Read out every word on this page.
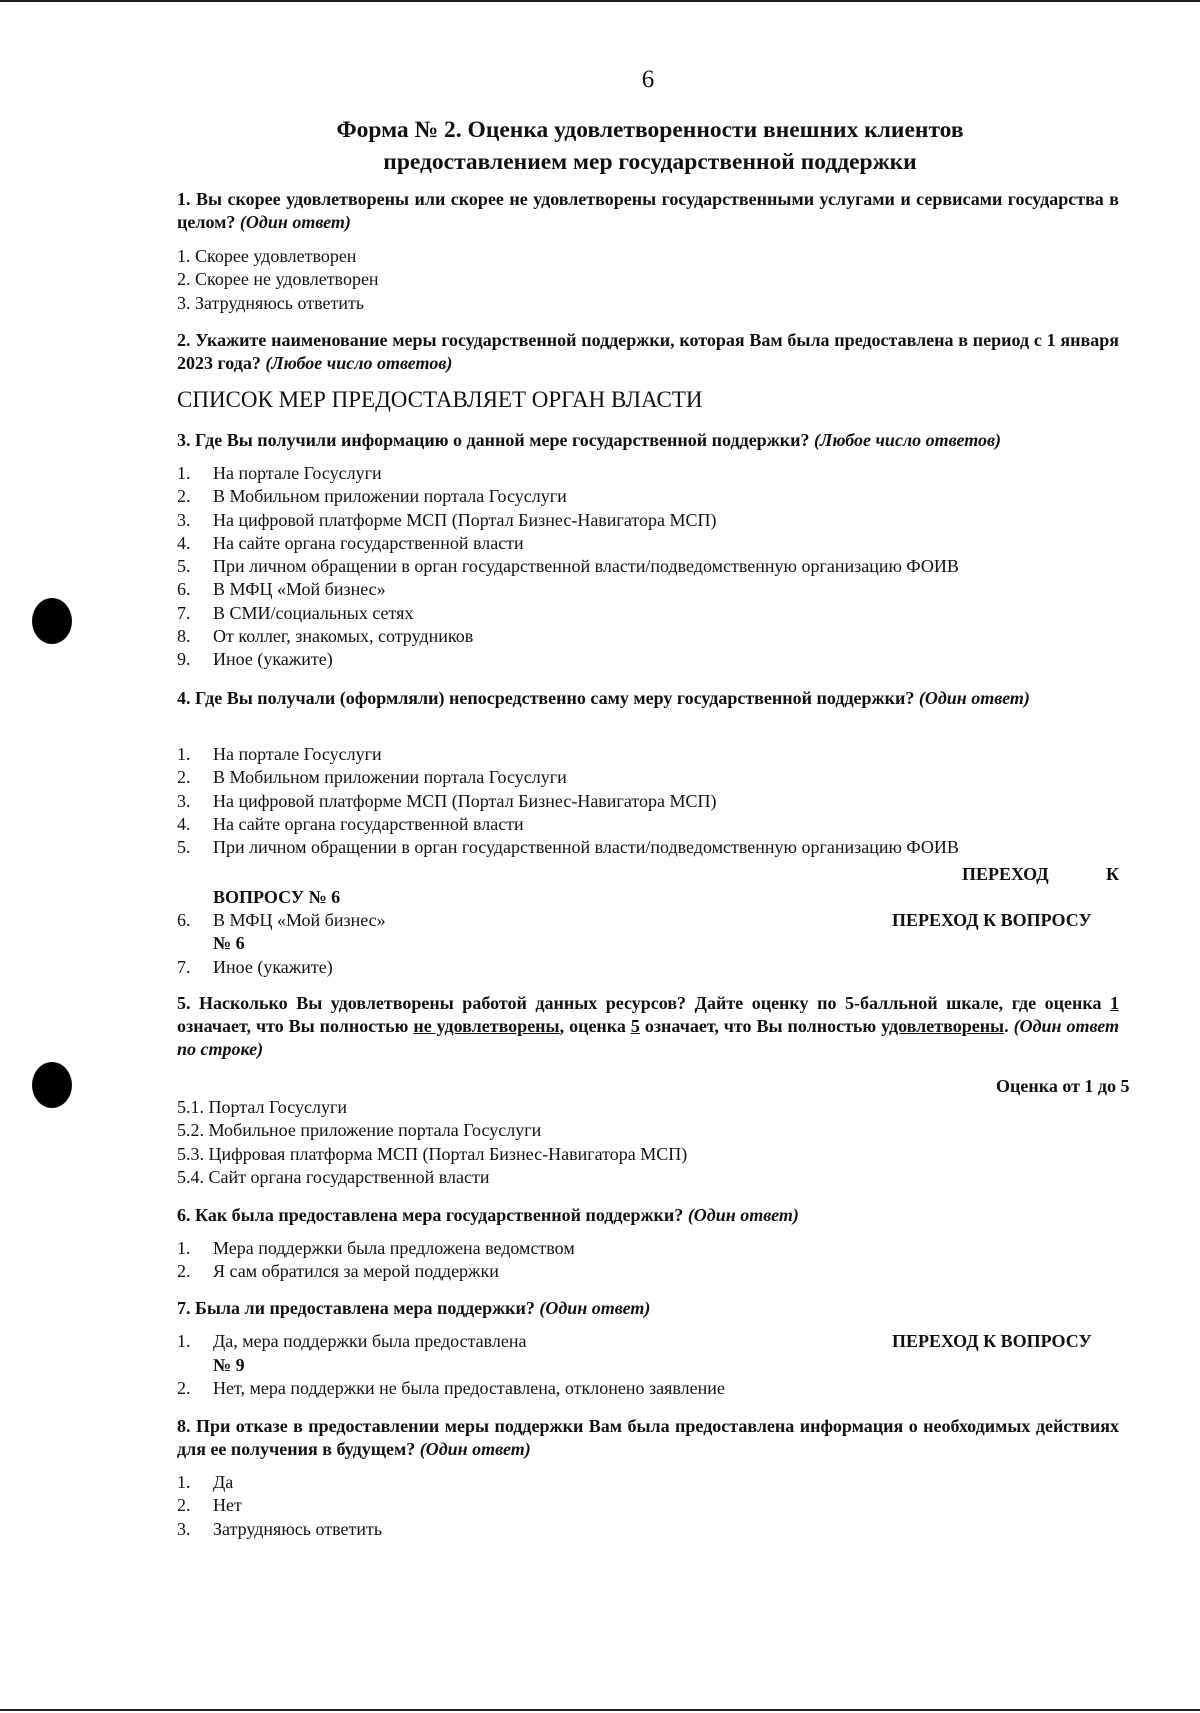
6
Форма № 2. Оценка удовлетворенности внешних клиентов
предоставлением мер государственной поддержки
1. Вы скорее удовлетворены или скорее не удовлетворены государственными услугами и сервисами государства в целом? (Один ответ)
1. Скорее удовлетворен
2. Скорее не удовлетворен
3. Затрудняюсь ответить
2. Укажите наименование меры государственной поддержки, которая Вам была предоставлена в период с 1 января 2023 года? (Любое число ответов)
СПИСОК МЕР ПРЕДОСТАВЛЯЕТ ОРГАН ВЛАСТИ
3. Где Вы получили информацию о данной мере государственной поддержки? (Любое число ответов)
1.	На портале Госуслуги
2.	В Мобильном приложении портала Госуслуги
3.	На цифровой платформе МСП (Портал Бизнес-Навигатора МСП)
4.	На сайте органа государственной власти
5.	При личном обращении в орган государственной власти/подведомственную организацию ФОИВ
6.	В МФЦ «Мой бизнес»
7.	В СМИ/социальных сетях
8.	От коллег, знакомых, сотрудников
9.	Иное (укажите)
4. Где Вы получали (оформляли) непосредственно саму меру государственной поддержки? (Один ответ)
1.	На портале Госуслуги
2.	В Мобильном приложении портала Госуслуги
3.	На цифровой платформе МСП (Портал Бизнес-Навигатора МСП)
4.	На сайте органа государственной власти
5.	При личном обращении в орган государственной власти/подведомственную организацию ФОИВ
ПЕРЕХОД	К
ВОПРОСУ № 6
6. В МФЦ «Мой бизнес»	ПЕРЕХОД К ВОПРОСУ
№ 6
7. Иное (укажите)
5. Насколько Вы удовлетворены работой данных ресурсов? Дайте оценку по 5-балльной шкале, где оценка 1 означает, что Вы полностью не удовлетворены, оценка 5 означает, что Вы полностью удовлетворены. (Один ответ по строке)
Оценка от 1 до 5
5.1. Портал Госуслуги
5.2. Мобильное приложение портала Госуслуги
5.3. Цифровая платформа МСП (Портал Бизнес-Навигатора МСП)
5.4. Сайт органа государственной власти
6. Как была предоставлена мера государственной поддержки? (Один ответ)
1.	Мера поддержки была предложена ведомством
2.	Я сам обратился за мерой поддержки
7. Была ли предоставлена мера поддержки? (Один ответ)
1. Да, мера поддержки была предоставлена	ПЕРЕХОД К ВОПРОСУ
№ 9
2. Нет, мера поддержки не была предоставлена, отклонено заявление
8. При отказе в предоставлении меры поддержки Вам была предоставлена информация о необходимых действиях для ее получения в будущем? (Один ответ)
1.	Да
2.	Нет
3.	Затрудняюсь ответить
